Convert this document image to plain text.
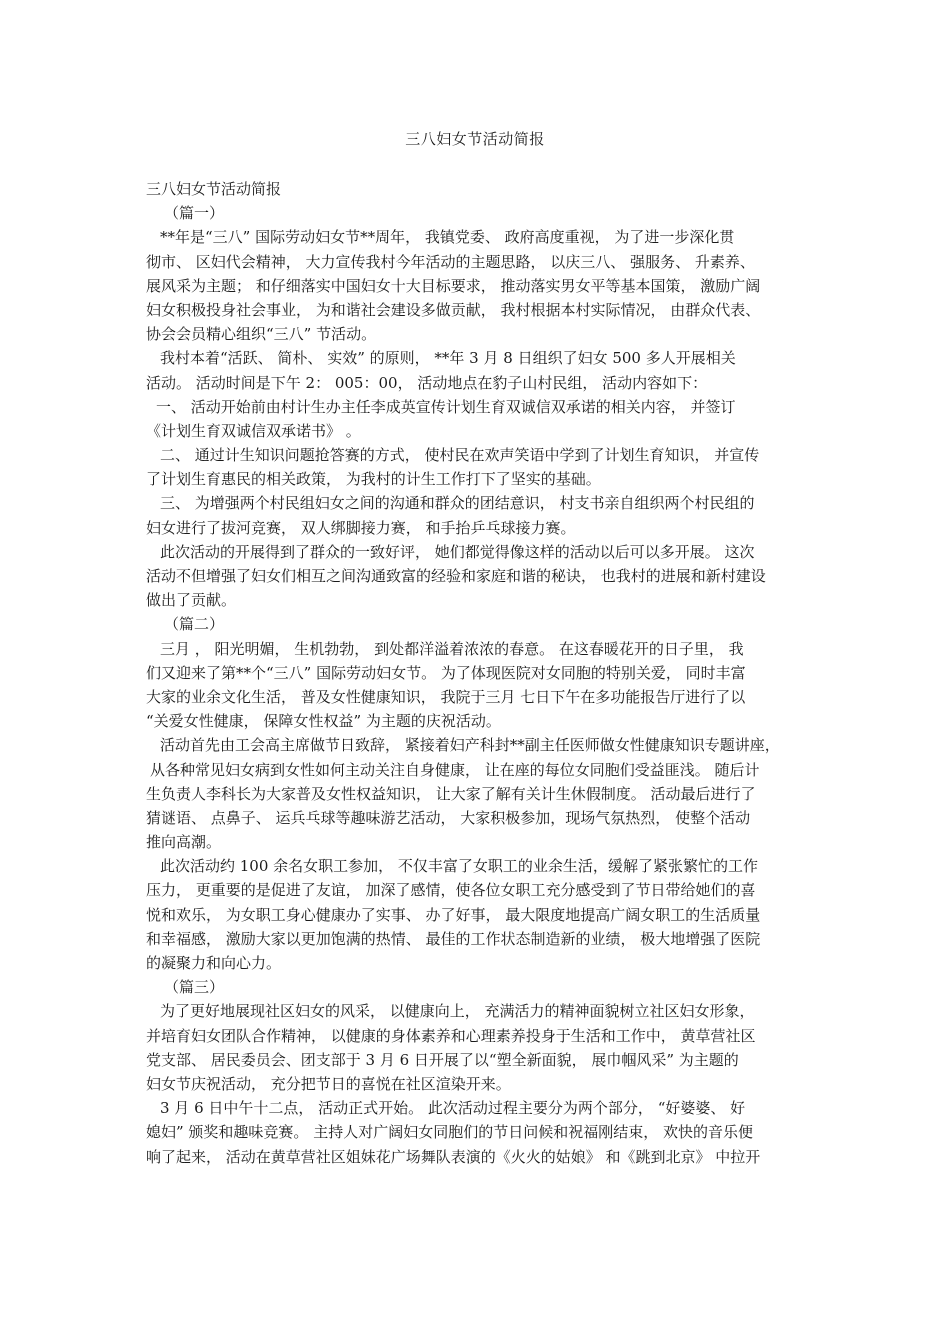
三八妇女节活动简报
三八妇女节活动简报
（篇一）
**年是“三八” 国际劳动妇女节**周年， 我镇党委、 政府高度重视， 为了进一步深化贯
彻市、 区妇代会精神， 大力宣传我村今年活动的主题思路， 以庆三八、 强服务、 升素养、
展风采为主题； 和仔细落实中国妇女十大目标要求， 推动落实男女平等基本国策， 激励广阔
妇女积极投身社会事业， 为和谐社会建设多做贡献， 我村根据本村实际情况， 由群众代表、
协会会员精心组织“三八” 节活动。
我村本着“活跃、 简朴、 实效” 的原则， **年 3 月 8 日组织了妇女 500 多人开展相关
活动。 活动时间是下午 2： 005：00， 活动地点在豹子山村民组， 活动内容如下：
一、 活动开始前由村计生办主任李成英宣传计划生育双诚信双承诺的相关内容， 并签订
《计划生育双诚信双承诺书》 。
二、 通过计生知识问题抢答赛的方式， 使村民在欢声笑语中学到了计划生育知识， 并宣传
了计划生育惠民的相关政策， 为我村的计生工作打下了坚实的基础。
三、 为增强两个村民组妇女之间的沟通和群众的团结意识， 村支书亲自组织两个村民组的
妇女进行了拔河竞赛， 双人绑脚接力赛， 和手抬乒乓球接力赛。
此次活动的开展得到了群众的一致好评， 她们都觉得像这样的活动以后可以多开展。 这次
活动不但增强了妇女们相互之间沟通致富的经验和家庭和谐的秘诀， 也我村的进展和新村建设
做出了贡献。
（篇二）
三月 ， 阳光明媚， 生机勃勃， 到处都洋溢着浓浓的春意。 在这春暖花开的日子里， 我
们又迎来了第**个“三八” 国际劳动妇女节。 为了体现医院对女同胞的特别关爱， 同时丰富
大家的业余文化生活， 普及女性健康知识， 我院于三月 七日下午在多功能报告厅进行了以
“关爱女性健康， 保障女性权益” 为主题的庆祝活动。
活动首先由工会高主席做节日致辞， 紧接着妇产科封**副主任医师做女性健康知识专题讲座，
从各种常见妇女病到女性如何主动关注自身健康， 让在座的每位女同胞们受益匪浅。 随后计
生负责人李科长为大家普及女性权益知识， 让大家了解有关计生休假制度。 活动最后进行了
猜谜语、 点鼻子、 运兵乓球等趣味游艺活动， 大家积极参加，现场气氛热烈， 使整个活动
推向高潮。
此次活动约 100 余名女职工参加， 不仅丰富了女职工的业余生活，缓解了紧张繁忙的工作
压力， 更重要的是促进了友谊， 加深了感情，使各位女职工充分感受到了节日带给她们的喜
悦和欢乐， 为女职工身心健康办了实事、 办了好事， 最大限度地提高广阔女职工的生活质量
和幸福感， 激励大家以更加饱满的热情、 最佳的工作状态制造新的业绩， 极大地增强了医院
的凝聚力和向心力。
（篇三）
为了更好地展现社区妇女的风采， 以健康向上， 充满活力的精神面貌树立社区妇女形象，
并培育妇女团队合作精神， 以健康的身体素养和心理素养投身于生活和工作中， 黄草营社区
党支部、 居民委员会、团支部于 3 月 6 日开展了以“塑全新面貌， 展巾帼风采” 为主题的
妇女节庆祝活动， 充分把节日的喜悦在社区渲染开来。
3 月 6 日中午十二点， 活动正式开始。 此次活动过程主要分为两个部分， “好婆婆、 好
媳妇” 颁奖和趣味竞赛。 主持人对广阔妇女同胞们的节日问候和祝福刚结束， 欢快的音乐便
响了起来， 活动在黄草营社区姐妹花广场舞队表演的《火火的姑娘》 和《跳到北京》 中拉开
